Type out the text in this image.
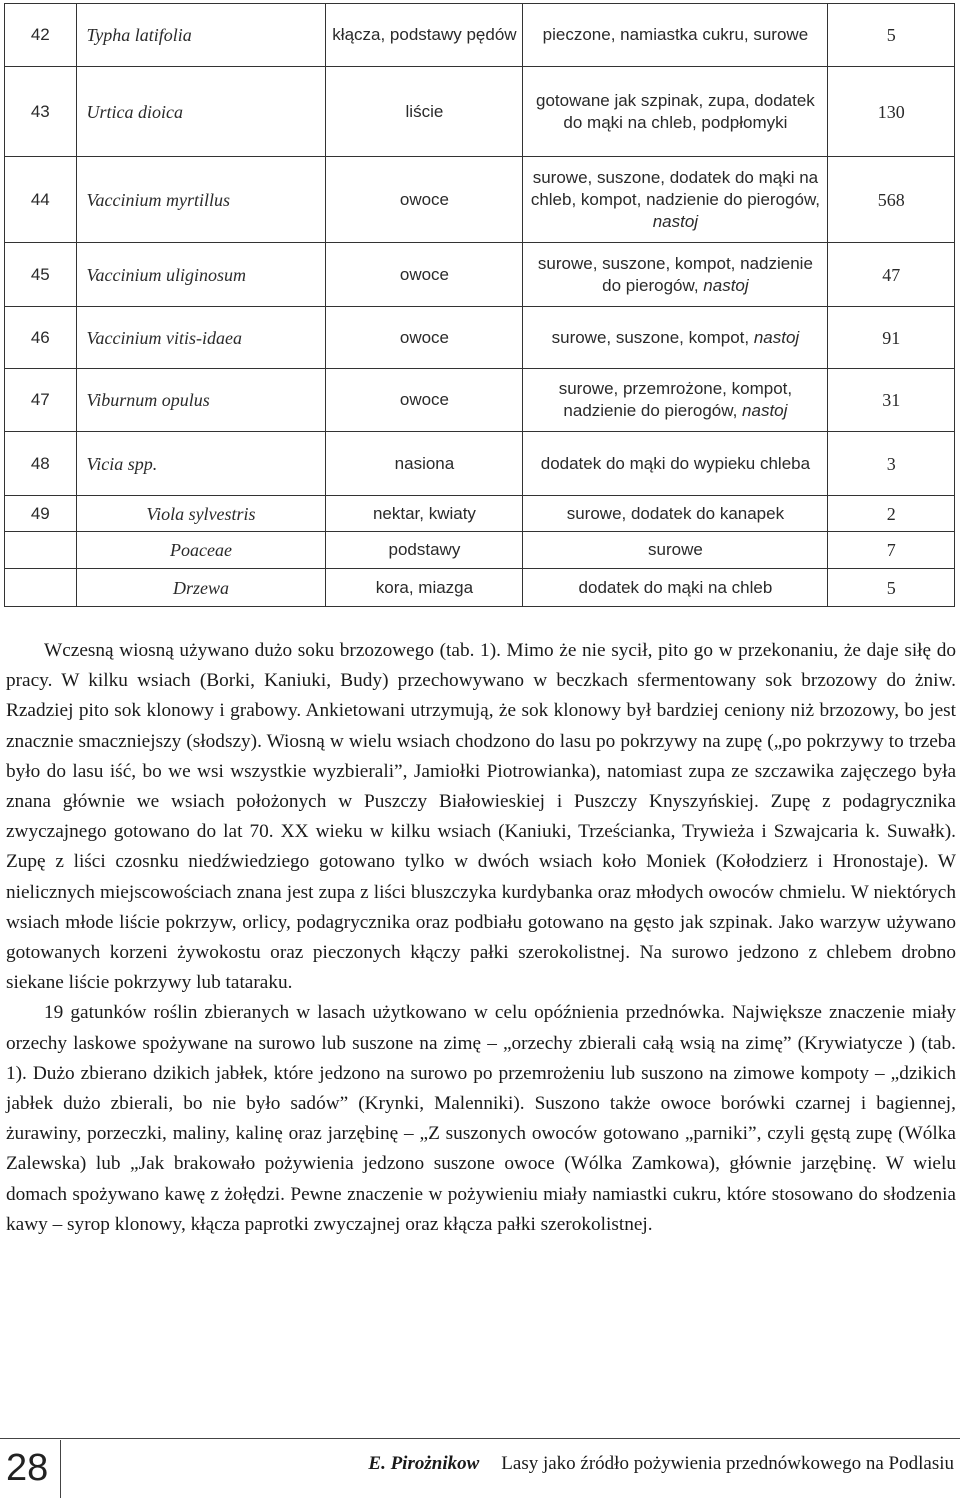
42	Typha latifolia	kłącza, podstawy pędów	pieczone, namiastka cukru, surowe	5
43	Urtica dioica	liście	gotowane jak szpinak, zupa, dodatek do mąki na chleb, podpłomyki	130
44	Vaccinium myrtillus	owoce	surowe, suszone, dodatek do mąki na chleb, kompot, nadzienie do pierogów, nastoj	568
45	Vaccinium uliginosum	owoce	surowe, suszone, kompot, nadzienie do pierogów, nastoj	47
46	Vaccinium vitis-idaea	owoce	surowe, suszone, kompot, nastoj	91
47	Viburnum opulus	owoce	surowe, przemrożone, kompot, nadzienie do pierogów, nastoj	31
48	Vicia spp.	nasiona	dodatek do mąki do wypieku chleba	3
49	Viola sylvestris	nektar, kwiaty	surowe, dodatek do kanapek	2
	Poaceae	podstawy	surowe	7
	Drzewa	kora, miazga	dodatek do mąki na chleb	5

Wczesną wiosną używano dużo soku brzozowego (tab. 1). Mimo że nie sycił, pito go w przekonaniu, że daje siłę do pracy. W kilku wsiach (Borki, Kaniuki, Budy) przechowywano w beczkach sfermentowany sok brzozowy do żniw. Rzadziej pito sok klonowy i grabowy. Ankietowani utrzymują, że sok klonowy był bardziej ceniony niż brzozowy, bo jest znacznie smaczniejszy (słodszy). Wiosną w wielu wsiach chodzono do lasu po pokrzywy na zupę („po pokrzywy to trzeba było do lasu iść, bo we wsi wszystkie wyzbierali”, Jamiołki Piotrowianka), natomiast zupa ze szczawika zajęczego była znana głównie we wsiach położonych w Puszczy Białowieskiej i Puszczy Knyszyńskiej. Zupę z podagrycznika zwyczajnego gotowano do lat 70. XX wieku w kilku wsiach (Kaniuki, Trześcianka, Trywieża i Szwajcaria k. Suwałk). Zupę z liści czosnku niedźwiedziego gotowano tylko w dwóch wsiach koło Moniek (Kołodzierz i Hronostaje). W nielicznych miejscowościach znana jest zupa z liści bluszczyka kurdybanka oraz młodych owoców chmielu. W niektórych wsiach młode liście pokrzyw, orlicy, podagrycznika oraz podbiału gotowano na gęsto jak szpinak. Jako warzyw używano gotowanych korzeni żywokostu oraz pieczonych kłączy pałki szerokolistnej. Na surowo jedzono z chlebem drobno siekane liście pokrzywy lub tataraku.

19 gatunków roślin zbieranych w lasach użytkowano w celu opóźnienia przednówka. Największe znaczenie miały orzechy laskowe spożywane na surowo lub suszone na zimę – „orzechy zbierali całą wsią na zimę” (Krywiatycze ) (tab. 1). Dużo zbierano dzikich jabłek, które jedzono na surowo po przemrożeniu lub suszono na zimowe kompoty – „dzikich jabłek dużo zbierali, bo nie było sadów” (Krynki, Malenniki). Suszono także owoce borówki czarnej i bagiennej, żurawiny, porzeczki, maliny, kalinę oraz jarzębinę – „Z suszonych owoców gotowano „parniki”, czyli gęstą zupę (Wólka Zalewska) lub „Jak brakowało pożywienia jedzono suszone owoce (Wólka Zamkowa), głównie jarzębinę. W wielu domach spożywano kawę z żołędzi. Pewne znaczenie w pożywieniu miały namiastki cukru, które stosowano do słodzenia kawy – syrop klonowy, kłącza paprotki zwyczajnej oraz kłącza pałki szerokolistnej.

28	E. Pirożnikow Lasy jako źródło pożywienia przednówkowego na Podlasiu
